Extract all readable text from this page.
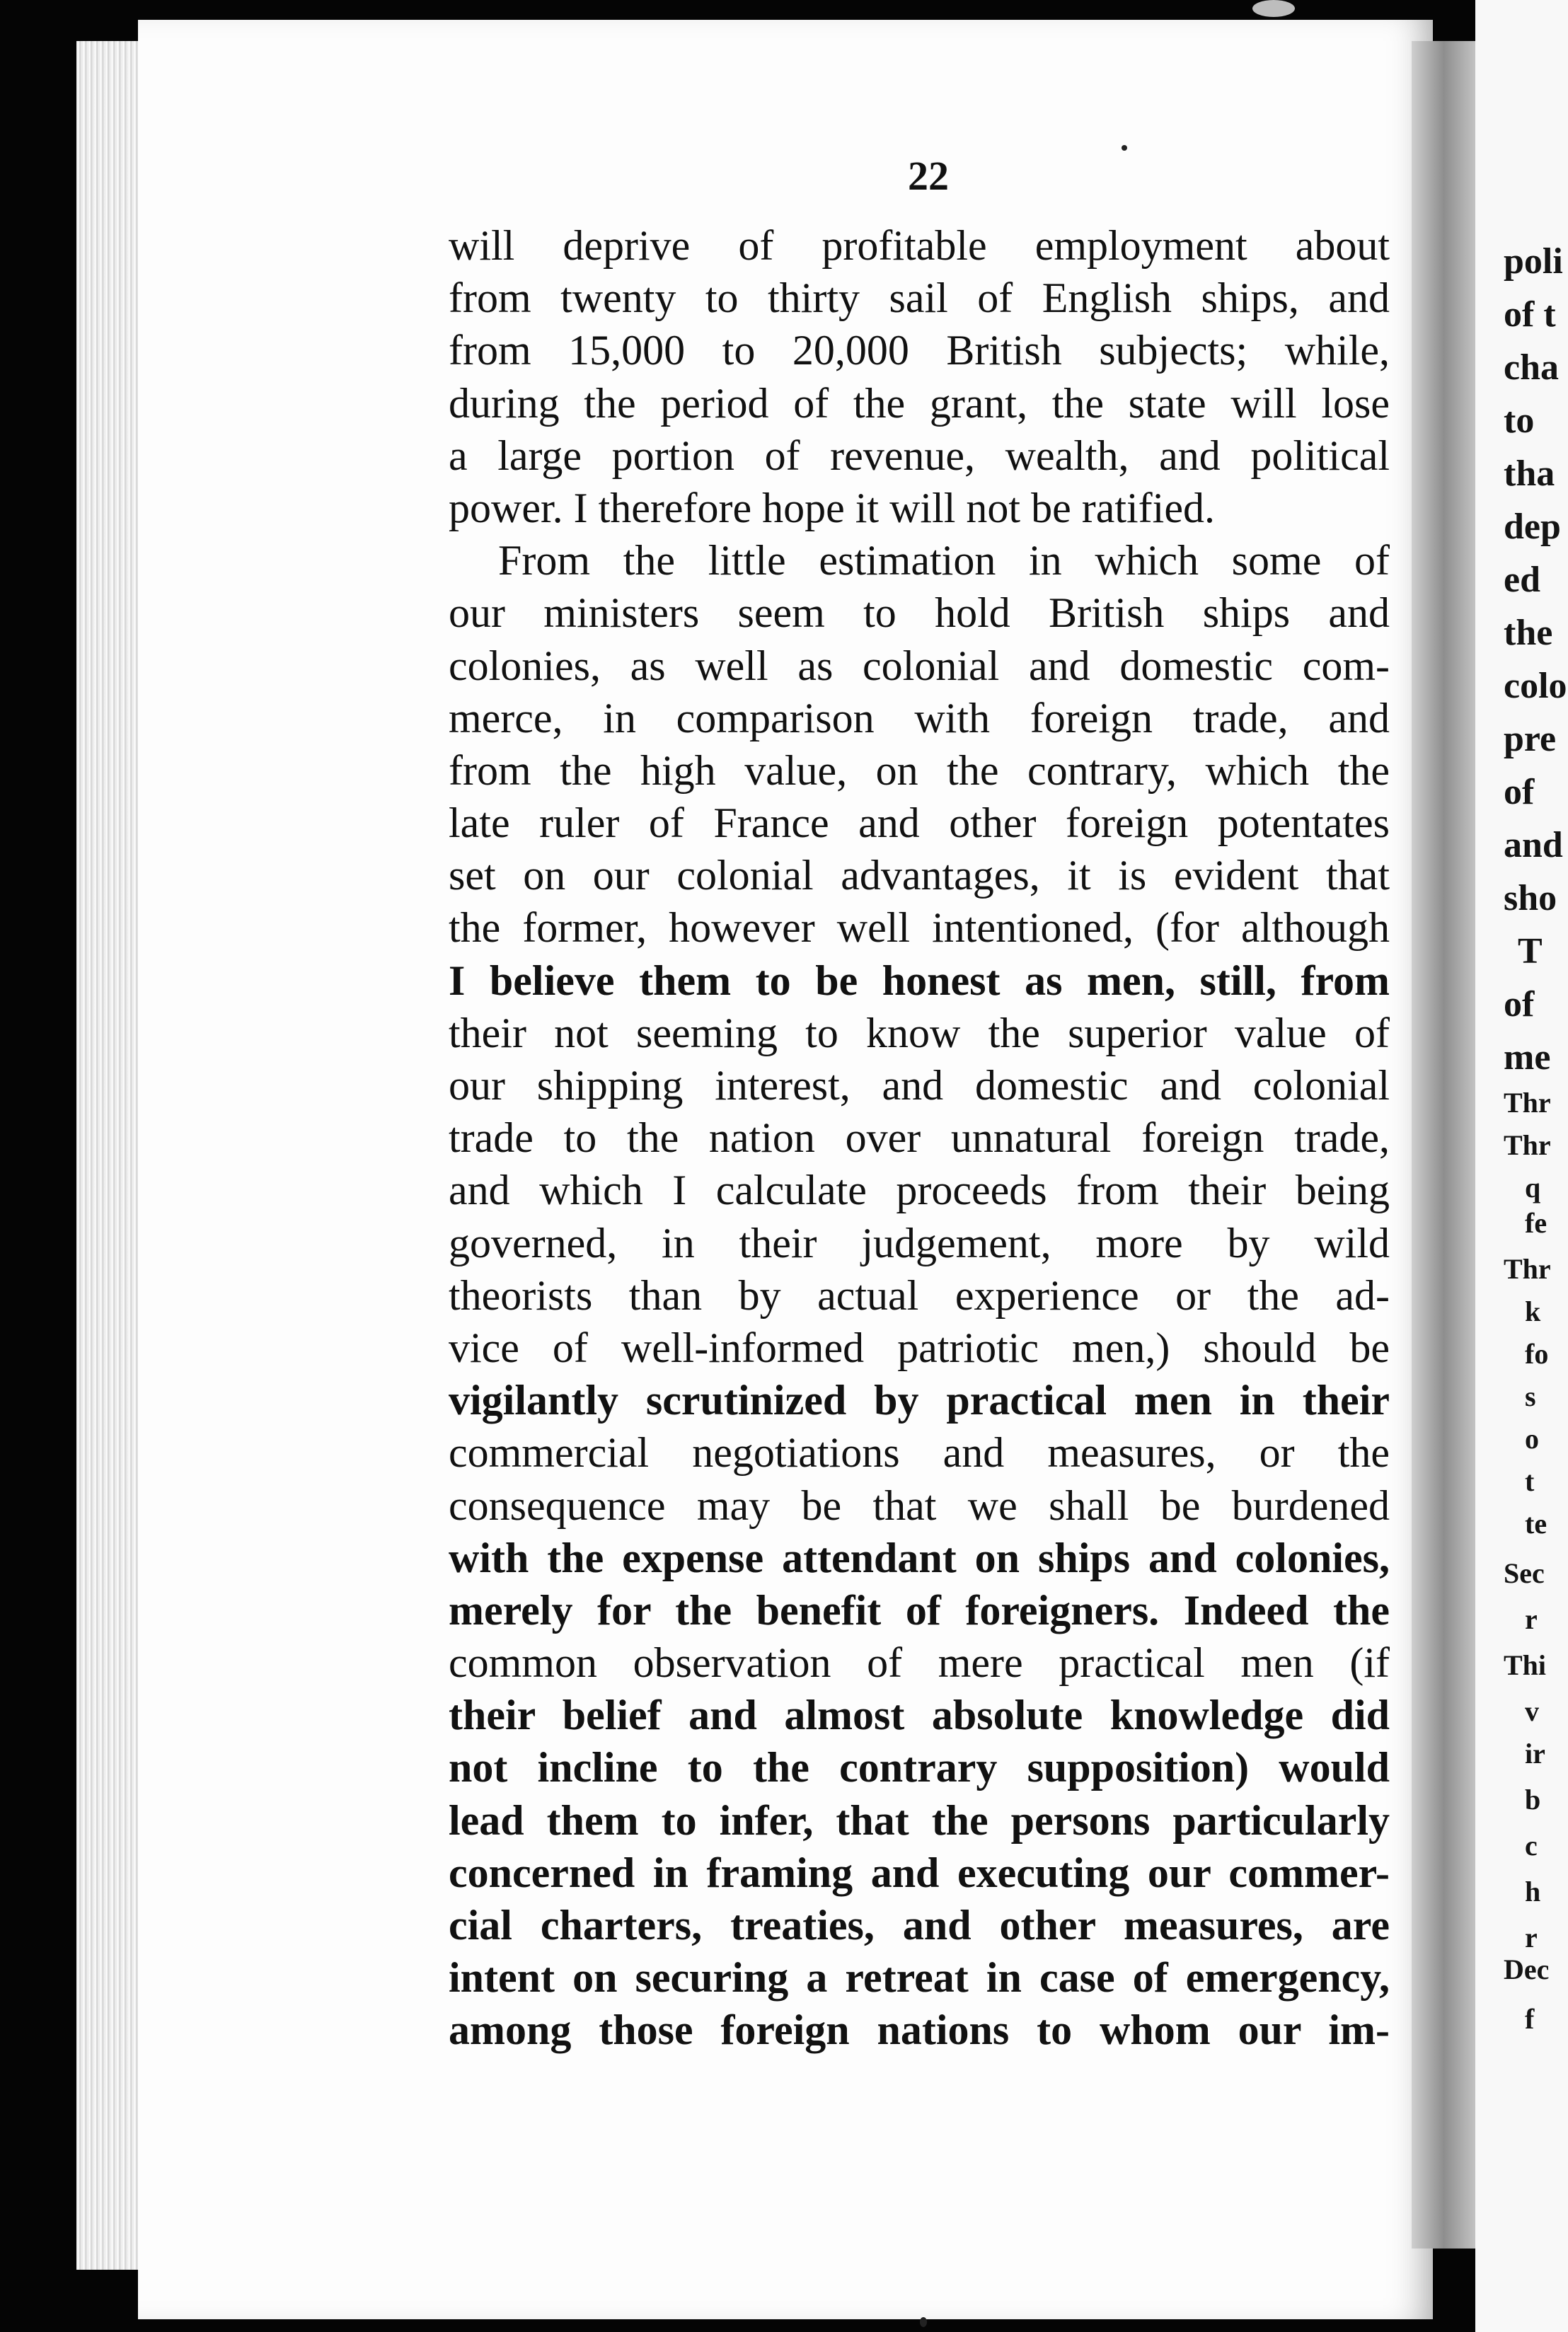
poli
of t
cha
to
tha
dep
ed
the
colo
pre
of
and
sho
T
of
me
Thr
Thr
q
fe
Thr
k
fo
s
o
t
te
Sec
r
Thi
v
ir
b
c
h
r
Dec
f
22
will deprive of profitable employment about
from twenty to thirty sail of English ships, and
from 15,000 to 20,000 British subjects; while,
during the period of the grant, the state will lose
a large portion of revenue, wealth, and political
power. I therefore hope it will not be ratified.
From the little estimation in which some of
our ministers seem to hold British ships and
colonies, as well as colonial and domestic com-
merce, in comparison with foreign trade, and
from the high value, on the contrary, which the
late ruler of France and other foreign potentates
set on our colonial advantages, it is evident that
the former, however well intentioned, (for although
I believe them to be honest as men, still, from
their not seeming to know the superior value of
our shipping interest, and domestic and colonial
trade to the nation over unnatural foreign trade,
and which I calculate proceeds from their being
governed, in their judgement, more by wild
theorists than by actual experience or the ad-
vice of well-informed patriotic men,) should be
vigilantly scrutinized by practical men in their
commercial negotiations and measures, or the
consequence may be that we shall be burdened
with the expense attendant on ships and colonies,
merely for the benefit of foreigners. Indeed the
common observation of mere practical men (if
their belief and almost absolute knowledge did
not incline to the contrary supposition) would
lead them to infer, that the persons particularly
concerned in framing and executing our commer-
cial charters, treaties, and other measures, are
intent on securing a retreat in case of emergency,
among those foreign nations to whom our im-
